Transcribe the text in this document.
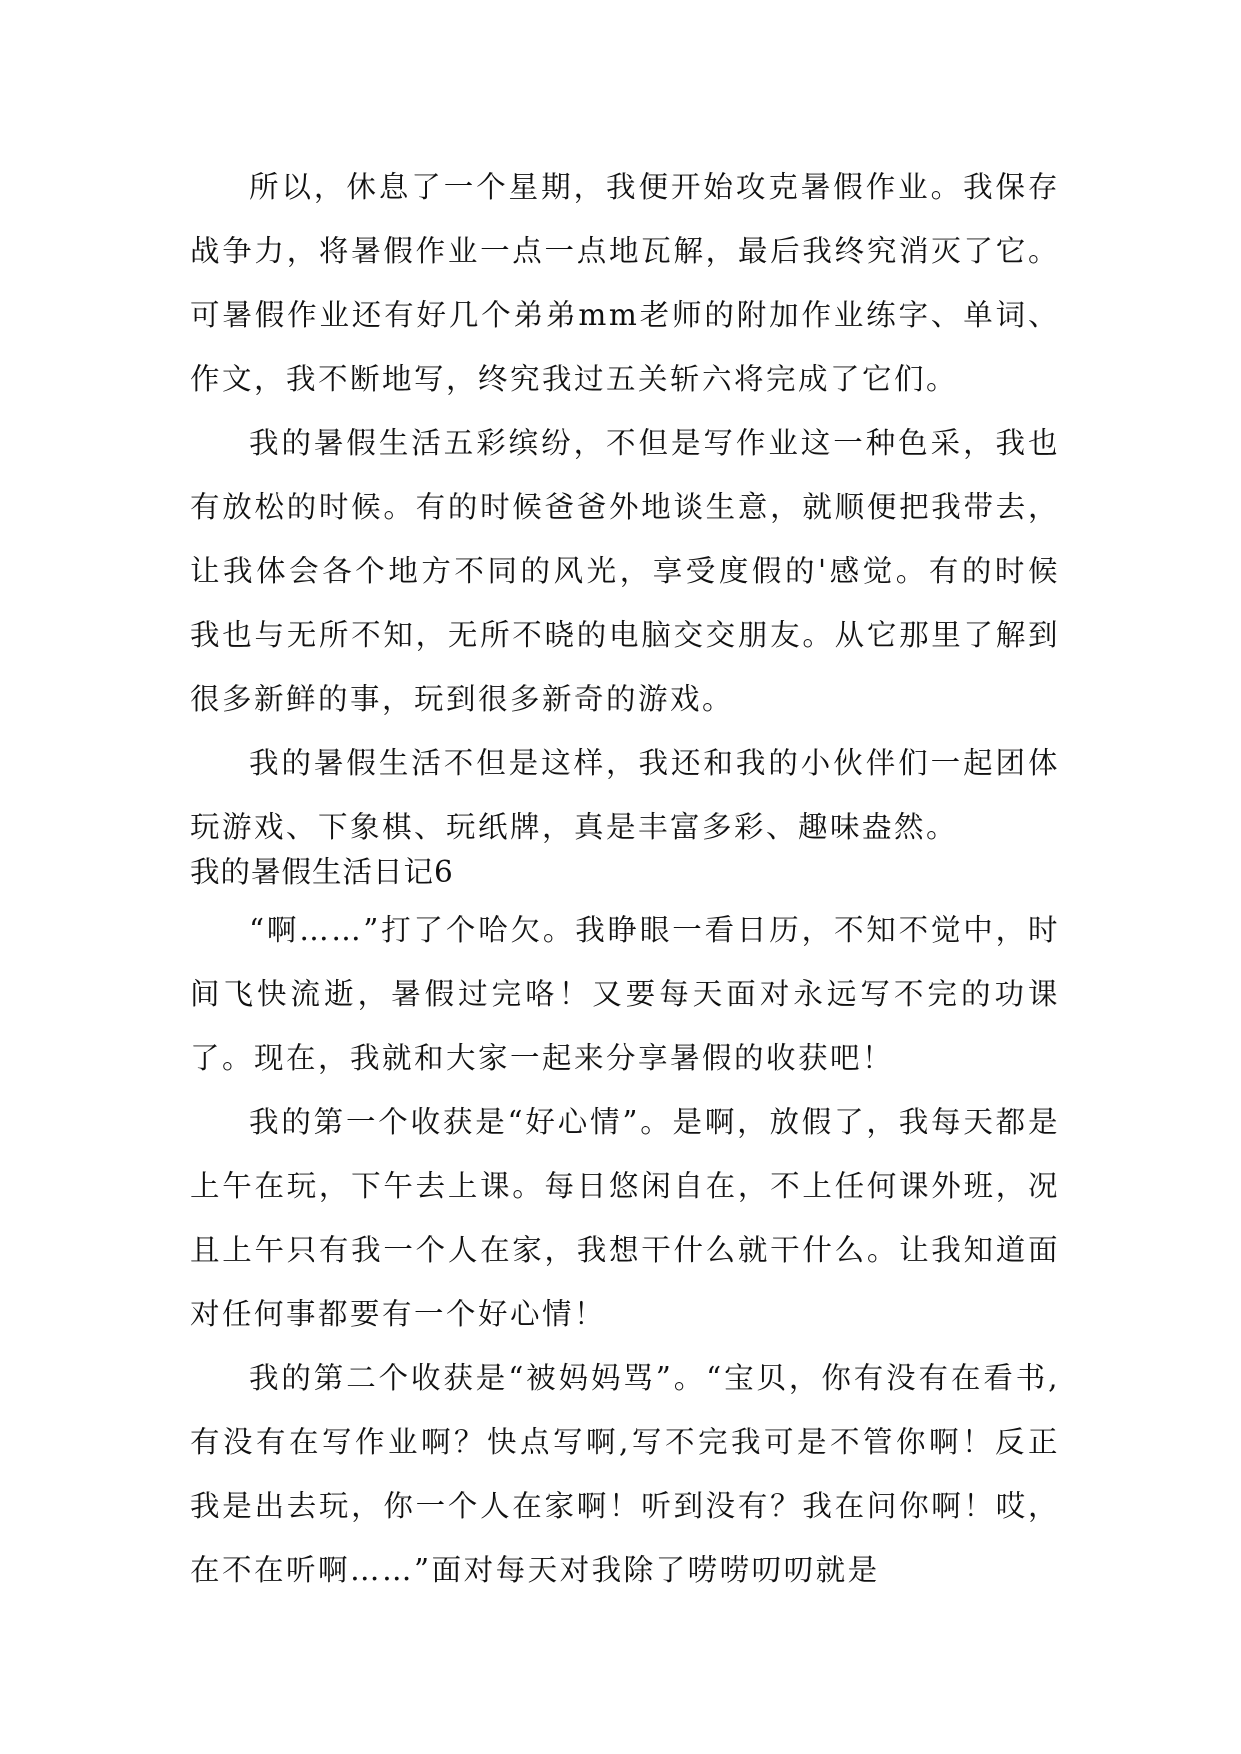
所以，休息了一个星期，我便开始攻克暑假作业。我保存战争力，将暑假作业一点一点地瓦解，最后我终究消灭了它。可暑假作业还有好几个弟弟mm老师的附加作业练字、单词、作文，我不断地写，终究我过五关斩六将完成了它们。

我的暑假生活五彩缤纷，不但是写作业这一种色采，我也有放松的时候。有的时候爸爸外地谈生意，就顺便把我带去，让我体会各个地方不同的风光，享受度假的'感觉。有的时候我也与无所不知，无所不晓的电脑交交朋友。从它那里了解到很多新鲜的事，玩到很多新奇的游戏。

我的暑假生活不但是这样，我还和我的小伙伴们一起团体玩游戏、下象棋、玩纸牌，真是丰富多彩、趣味盎然。

我的暑假生活日记6

“啊……”打了个哈欠。我睁眼一看日历，不知不觉中，时间飞快流逝，暑假过完咯！又要每天面对永远写不完的功课了。现在，我就和大家一起来分享暑假的收获吧！

我的第一个收获是“好心情”。是啊，放假了，我每天都是上午在玩，下午去上课。每日悠闲自在，不上任何课外班，况且上午只有我一个人在家，我想干什么就干什么。让我知道面对任何事都要有一个好心情！

我的第二个收获是“被妈妈骂”。“宝贝，你有没有在看书,有没有在写作业啊？快点写啊,写不完我可是不管你啊！反正我是出去玩，你一个人在家啊！听到没有？我在问你啊！哎，在不在听啊……”面对每天对我除了唠唠叨叨就是
